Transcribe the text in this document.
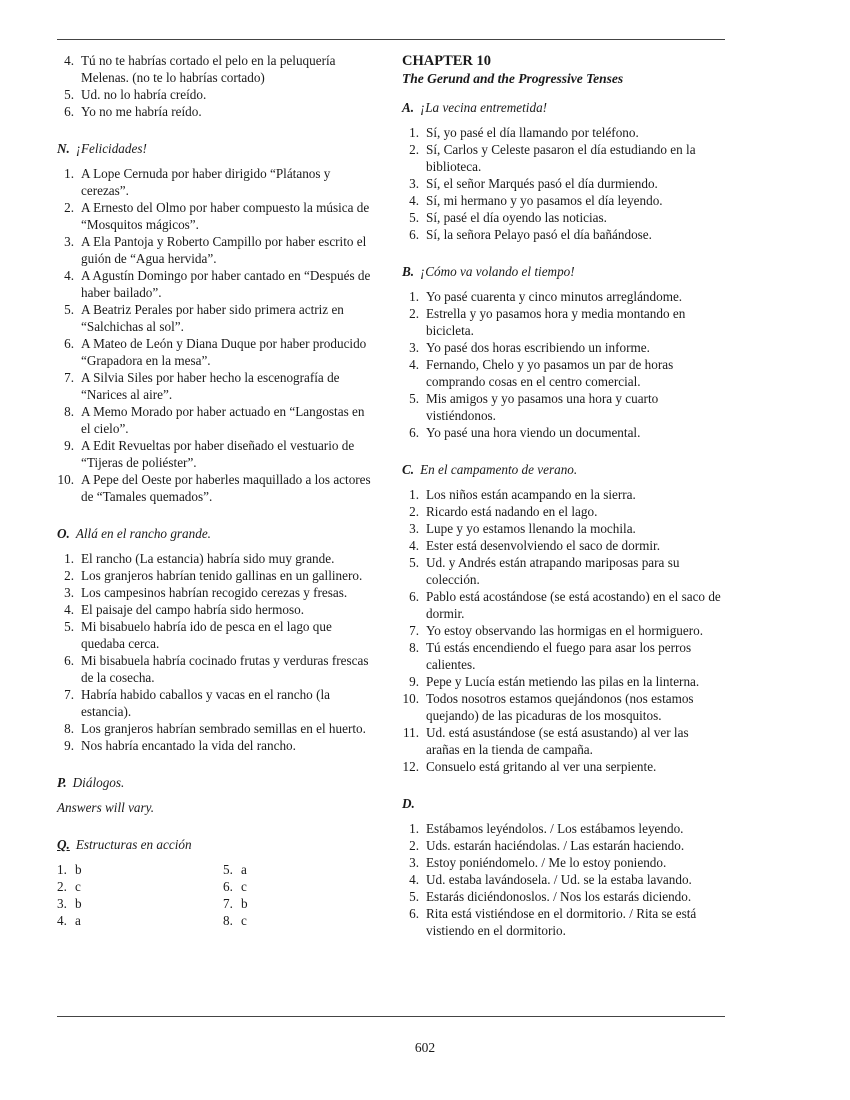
4. Tú no te habrías cortado el pelo en la peluquería Melenas. (no te lo habrías cortado)
5. Ud. no lo habría creído.
6. Yo no me habría reído.
N. ¡Felicidades!
1. A Lope Cernuda por haber dirigido “Plátanos y cerezas”.
2. A Ernesto del Olmo por haber compuesto la música de “Mosquitos mágicos”.
3. A Ela Pantoja y Roberto Campillo por haber escrito el guión de “Agua hervida”.
4. A Agustín Domingo por haber cantado en “Después de haber bailado”.
5. A Beatriz Perales por haber sido primera actriz en “Salchichas al sol”.
6. A Mateo de León y Diana Duque por haber producido “Grapadora en la mesa”.
7. A Silvia Siles por haber hecho la escenografía de “Narices al aire”.
8. A Memo Morado por haber actuado en “Langostas en el cielo”.
9. A Edit Revueltas por haber diseñado el vestuario de “Tijeras de poliéster”.
10. A Pepe del Oeste por haberles maquillado a los actores de “Tamales quemados”.
O. Allá en el rancho grande.
1. El rancho (La estancia) habría sido muy grande.
2. Los granjeros habrían tenido gallinas en un gallinero.
3. Los campesinos habrían recogido cerezas y fresas.
4. El paisaje del campo habría sido hermoso.
5. Mi bisabuelo habría ido de pesca en el lago que quedaba cerca.
6. Mi bisabuela habría cocinado frutas y verduras frescas de la cosecha.
7. Habría habido caballos y vacas en el rancho (la estancia).
8. Los granjeros habrían sembrado semillas en el huerto.
9. Nos habría encantado la vida del rancho.
P. Diálogos.
Answers will vary.
Q. Estructuras en acción
1. b	5. a
2. c	6. c
3. b	7. b
4. a	8. c
CHAPTER 10
The Gerund and the Progressive Tenses
A. ¡La vecina entremetida!
1. Sí, yo pasé el día llamando por teléfono.
2. Sí, Carlos y Celeste pasaron el día estudiando en la biblioteca.
3. Sí, el señor Marqués pasó el día durmiendo.
4. Sí, mi hermano y yo pasamos el día leyendo.
5. Sí, pasé el día oyendo las noticias.
6. Sí, la señora Pelayo pasó el día bañándose.
B. ¡Cómo va volando el tiempo!
1. Yo pasé cuarenta y cinco minutos arreglándome.
2. Estrella y yo pasamos hora y media montando en bicicleta.
3. Yo pasé dos horas escribiendo un informe.
4. Fernando, Chelo y yo pasamos un par de horas comprando cosas en el centro comercial.
5. Mis amigos y yo pasamos una hora y cuarto vistiéndonos.
6. Yo pasé una hora viendo un documental.
C. En el campamento de verano.
1. Los niños están acampando en la sierra.
2. Ricardo está nadando en el lago.
3. Lupe y yo estamos llenando la mochila.
4. Ester está desenvolviendo el saco de dormir.
5. Ud. y Andrés están atrapando mariposas para su colección.
6. Pablo está acostándose (se está acostando) en el saco de dormir.
7. Yo estoy observando las hormigas en el hormiguero.
8. Tú estás encendiendo el fuego para asar los perros calientes.
9. Pepe y Lucía están metiendo las pilas en la linterna.
10. Todos nosotros estamos quejándonos (nos estamos quejando) de las picaduras de los mosquitos.
11. Ud. está asustándose (se está asustando) al ver las arañas en la tienda de campaña.
12. Consuelo está gritando al ver una serpiente.
D.
1. Estábamos leyéndolos. / Los estábamos leyendo.
2. Uds. estarán haciéndolas. / Las estarán haciendo.
3. Estoy poniéndomelo. / Me lo estoy poniendo.
4. Ud. estaba lavándosela. / Ud. se la estaba lavando.
5. Estarás diciéndonoslos. / Nos los estarás diciendo.
6. Rita está vistiéndose en el dormitorio. / Rita se está vistiendo en el dormitorio.
602
